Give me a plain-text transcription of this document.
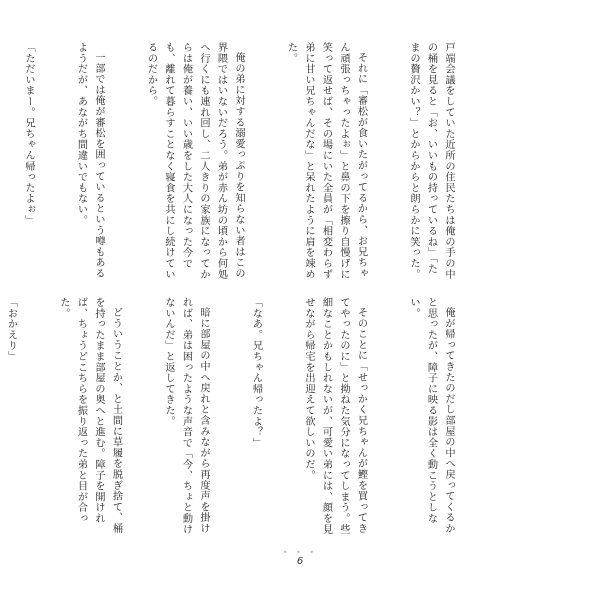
戸端会議をしていた近所の住民たちは俺の手の中の桶を見ると「お、いいもの持っているね」「たまの贅沢かい？」とからからと朗らかに笑った。

それに「審松が食いたがってるから、お兄ちゃん頑張っちゃったよぉ」と鼻の下を擦り自慢げに笑って返せば、その場にいた全員が「相変わらず弟に甘い兄ちゃんだな」と呆れたように肩を竦めた。

俺の弟に対する溺愛っぷりを知らない者はこの界隈ではいないだろう。弟が赤ん坊の頃から何処へ行くにも連れ回し、二人きりの家族になってからは俺が養い、いい歳をした大人になった今でも、離れて暮らすことなく寝食を共にし続けているのだから。

一部では俺が審松を囲っているという噂もあるようだが、あながち間違いでもない。

「ただいまー。兄ちゃん帰ったよぉ」

俺が帰ってきたのだし部屋の中へ戻ってくるかと思ったが、障子に映る影は全く動こうとしない。

そのことに「せっかく兄ちゃんが鰹を買ってきてやったのに」と拗ねた気分になってしまう。些細なことかもしれないが、可愛い弟には、顔を見せながら帰宅を出迎えて欲しいのだ。

「なあ。兄ちゃん帰ったよ？」

暗に部屋の中へ戻れと含みながら再度声を掛ければ、弟は困ったような声音で「今、ちょと動けないんだ」と返してきた。

どういうことか、と土間に草履を脱ぎ捨て、桶を持ったまま部屋の奥へと進む。障子を開ければ、ちょうどこちらを振り返った弟と目が合った。

「おかえり」

• • •
6
